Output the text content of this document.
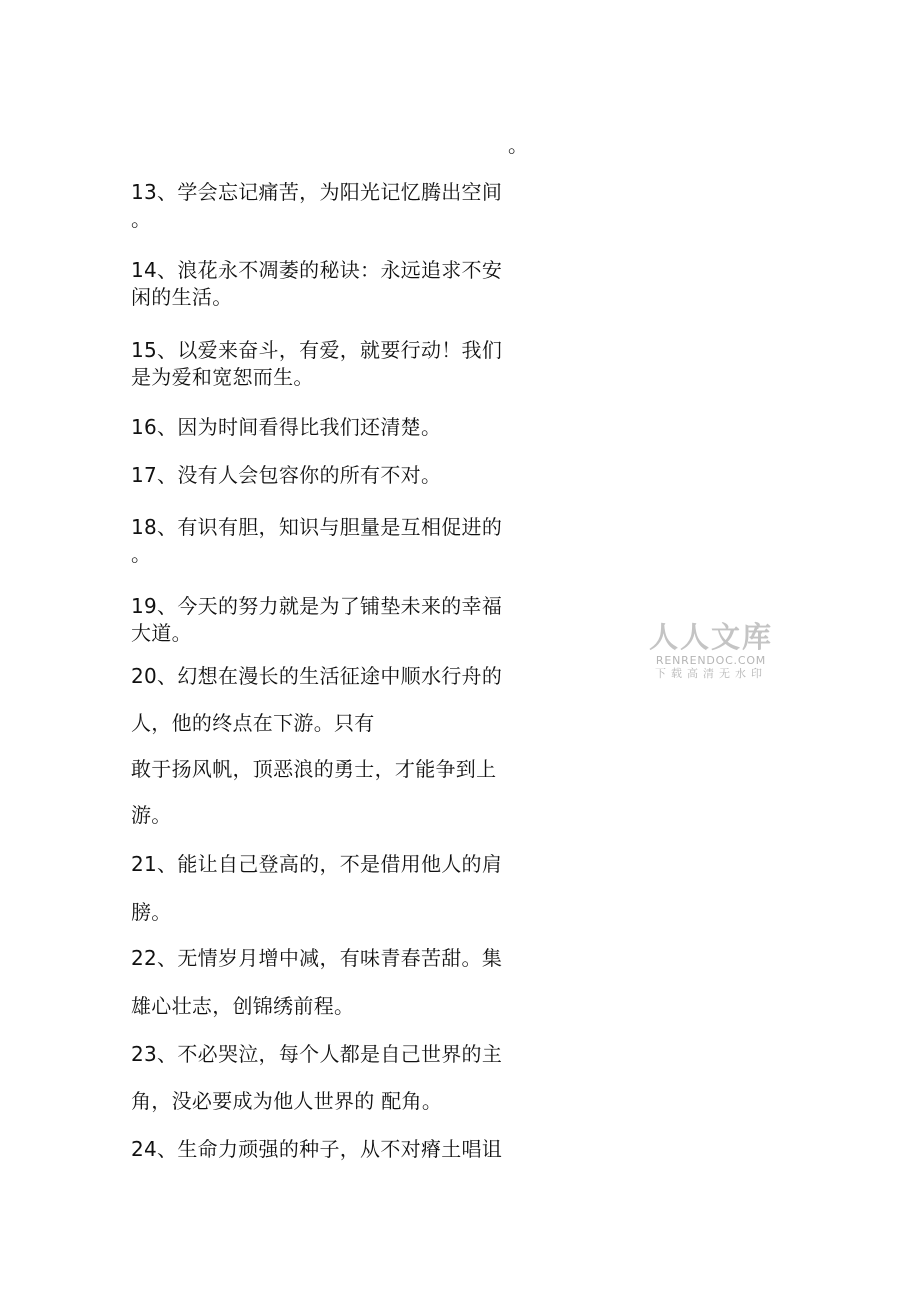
。
13、学会忘记痛苦，为阳光记忆腾出空间
。
14、浪花永不凋萎的秘诀：永远追求不安
闲的生活。
15、以爱来奋斗，有爱，就要行动！我们
是为爱和宽恕而生。
16、因为时间看得比我们还清楚。
17、没有人会包容你的所有不对。
18、有识有胆，知识与胆量是互相促进的
。
19、今天的努力就是为了铺垫未来的幸福
大道。
20、幻想在漫长的生活征途中顺水行舟的
人，他的终点在下游。只有
敢于扬风帆，顶恶浪的勇士，才能争到上
游。
21、能让自己登高的，不是借用他人的肩
膀。
22、无情岁月增中减，有味青春苦甜。集
雄心壮志，创锦绣前程。
23、不必哭泣，每个人都是自己世界的主
角，没必要成为他人世界的 配角。
24、生命力顽强的种子，从不对瘠土唱诅
人人文库
RENRENDOC.COM
下载高清无水印
